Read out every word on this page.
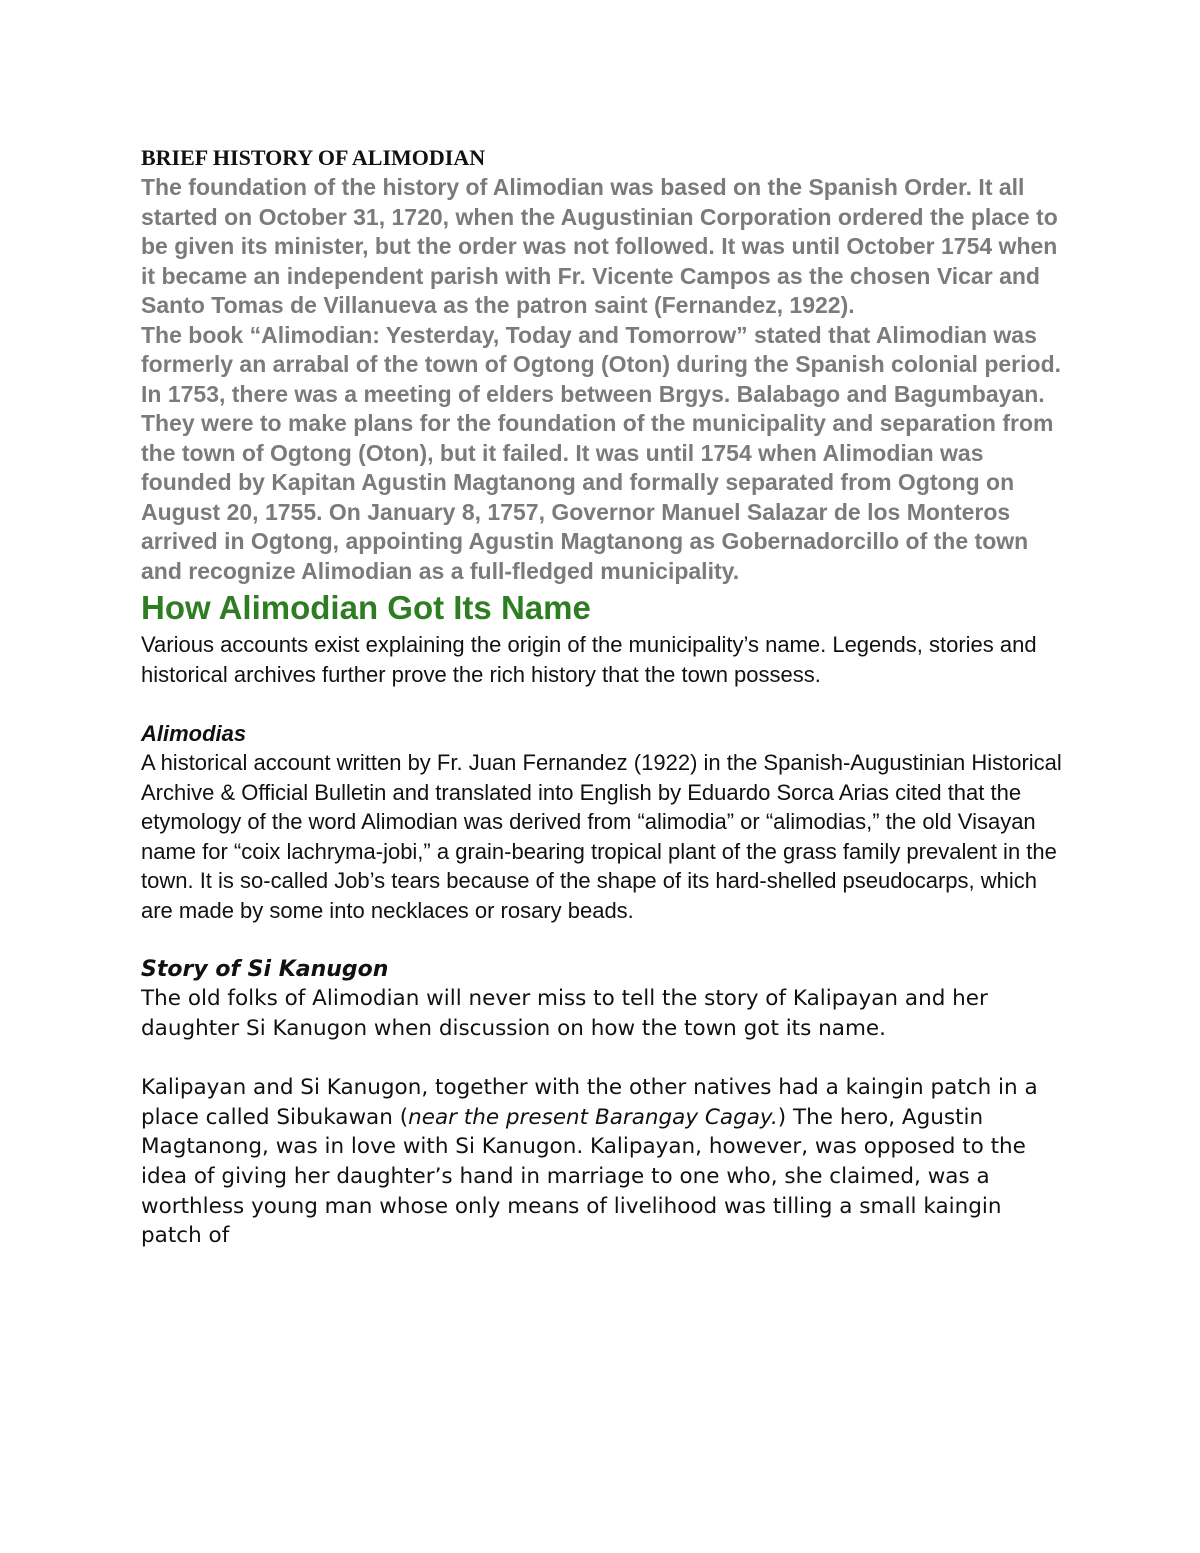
BRIEF HISTORY OF ALIMODIAN

The foundation of the history of Alimodian was based on the Spanish Order. It all started on October 31, 1720, when the Augustinian Corporation ordered the place to be given its minister, but the order was not followed. It was until October 1754 when it became an independent parish with Fr. Vicente Campos as the chosen Vicar and Santo Tomas de Villanueva as the patron saint (Fernandez, 1922).

The book “Alimodian: Yesterday, Today and Tomorrow” stated that Alimodian was formerly an arrabal of the town of Ogtong (Oton) during the Spanish colonial period. In 1753, there was a meeting of elders between Brgys. Balabago and Bagumbayan. They were to make plans for the foundation of the municipality and separation from the town of Ogtong (Oton), but it failed. It was until 1754 when Alimodian was founded by Kapitan Agustin Magtanong and formally separated from Ogtong on August 20, 1755. On January 8, 1757, Governor Manuel Salazar de los Monteros arrived in Ogtong, appointing Agustin Magtanong as Gobernadorcillo of the town and recognize Alimodian as a full-fledged municipality.

How Alimodian Got Its Name

Various accounts exist explaining the origin of the municipality’s name. Legends, stories and historical archives further prove the rich history that the town possess.

Alimodias

A historical account written by Fr. Juan Fernandez (1922) in the Spanish-Augustinian Historical Archive & Official Bulletin and translated into English by Eduardo Sorca Arias cited that the etymology of the word Alimodian was derived from “alimodia” or “alimodias,” the old Visayan name for “coix lachryma-jobi,” a grain-bearing tropical plant of the grass family prevalent in the town. It is so-called Job’s tears because of the shape of its hard-shelled pseudocarps, which are made by some into necklaces or rosary beads.

Story of Si Kanugon

The old folks of Alimodian will never miss to tell the story of Kalipayan and her daughter Si Kanugon when discussion on how the town got its name.

Kalipayan and Si Kanugon, together with the other natives had a kaingin patch in a place called Sibukawan (near the present Barangay Cagay.) The hero, Agustin Magtanong, was in love with Si Kanugon. Kalipayan, however, was opposed to the idea of giving her daughter’s hand in marriage to one who, she claimed, was a worthless young man whose only means of livelihood was tilling a small kaingin patch of
